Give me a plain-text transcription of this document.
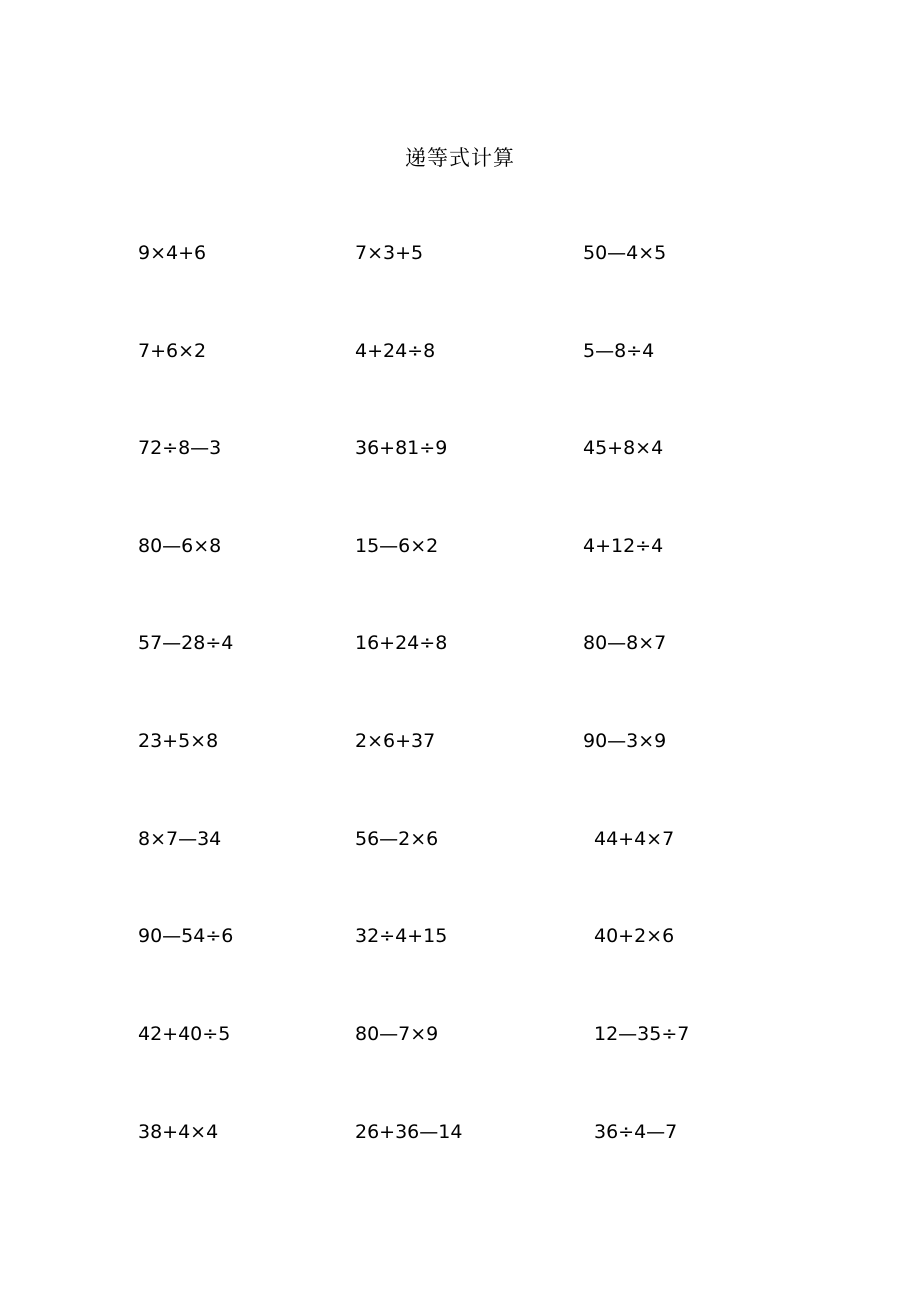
递等式计算
9×4+6	7×3+5	50—4×5
7+6×2	4+24÷8	5—8÷4
72÷8—3	36+81÷9	45+8×4
80—6×8	15—6×2	4+12÷4
57—28÷4	16+24÷8	80—8×7
23+5×8	2×6+37	90—3×9
8×7—34	56—2×6	44+4×7
90—54÷6	32÷4+15	40+2×6
42+40÷5	80—7×9	12—35÷7
38+4×4	26+36—14	36÷4—7
